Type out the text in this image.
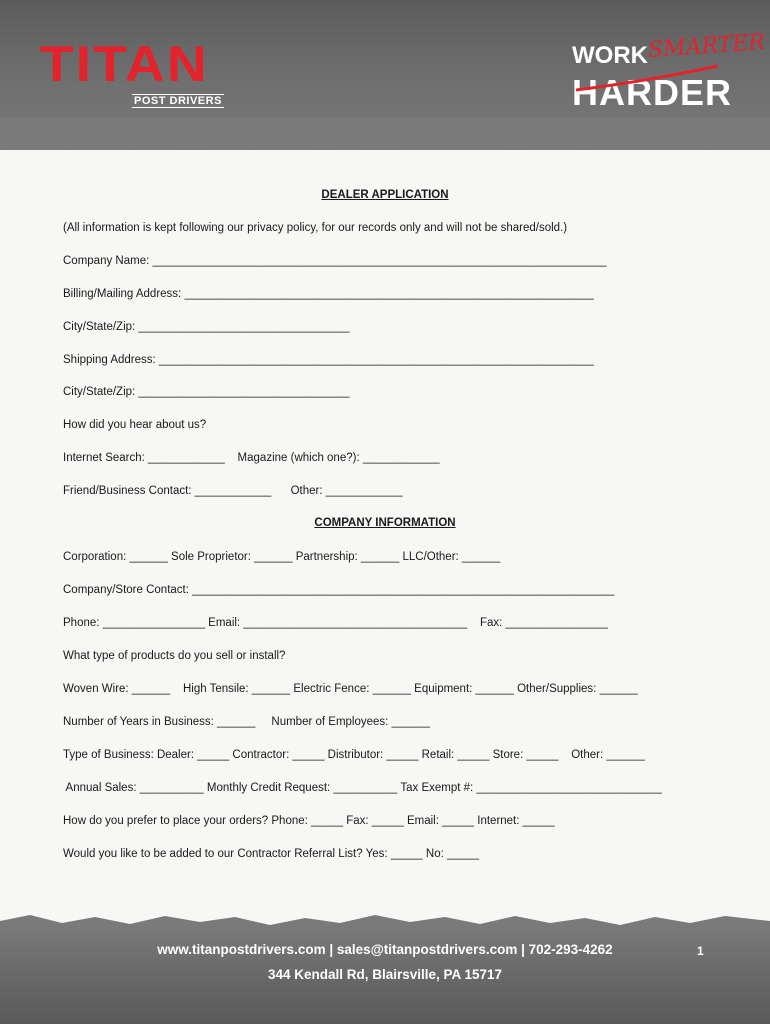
TITAN
POST DRIVERS
WORK SMARTER
HARDER
DEALER APPLICATION
(All information is kept following our privacy policy, for our records only and will not be shared/sold.)
Company Name: _______________________________________________________________________
Billing/Mailing Address: ________________________________________________________________
City/State/Zip: _________________________________
Shipping Address: ____________________________________________________________________
City/State/Zip: _________________________________
How did you hear about us?
Internet Search: ____________    Magazine (which one?): ____________
Friend/Business Contact: ____________      Other: ____________
COMPANY INFORMATION
Corporation: ______ Sole Proprietor: ______ Partnership: ______ LLC/Other: ______
Company/Store Contact: __________________________________________________________________
Phone: ________________ Email: ___________________________________    Fax: ________________
What type of products do you sell or install?
Woven Wire: ______    High Tensile: ______ Electric Fence: ______ Equipment: ______ Other/Supplies: ______
Number of Years in Business: ______     Number of Employees: ______
Type of Business: Dealer: _____ Contractor: _____ Distributor: _____ Retail: _____ Store: _____    Other: ______
Annual Sales: __________ Monthly Credit Request: __________ Tax Exempt #: _____________________________
How do you prefer to place your orders? Phone: _____ Fax: _____ Email: _____ Internet: _____
Would you like to be added to our Contractor Referral List? Yes: _____ No: _____
www.titanpostdrivers.com | sales@titanpostdrivers.com | 702-293-4262
344 Kendall Rd, Blairsville, PA 15717
1
